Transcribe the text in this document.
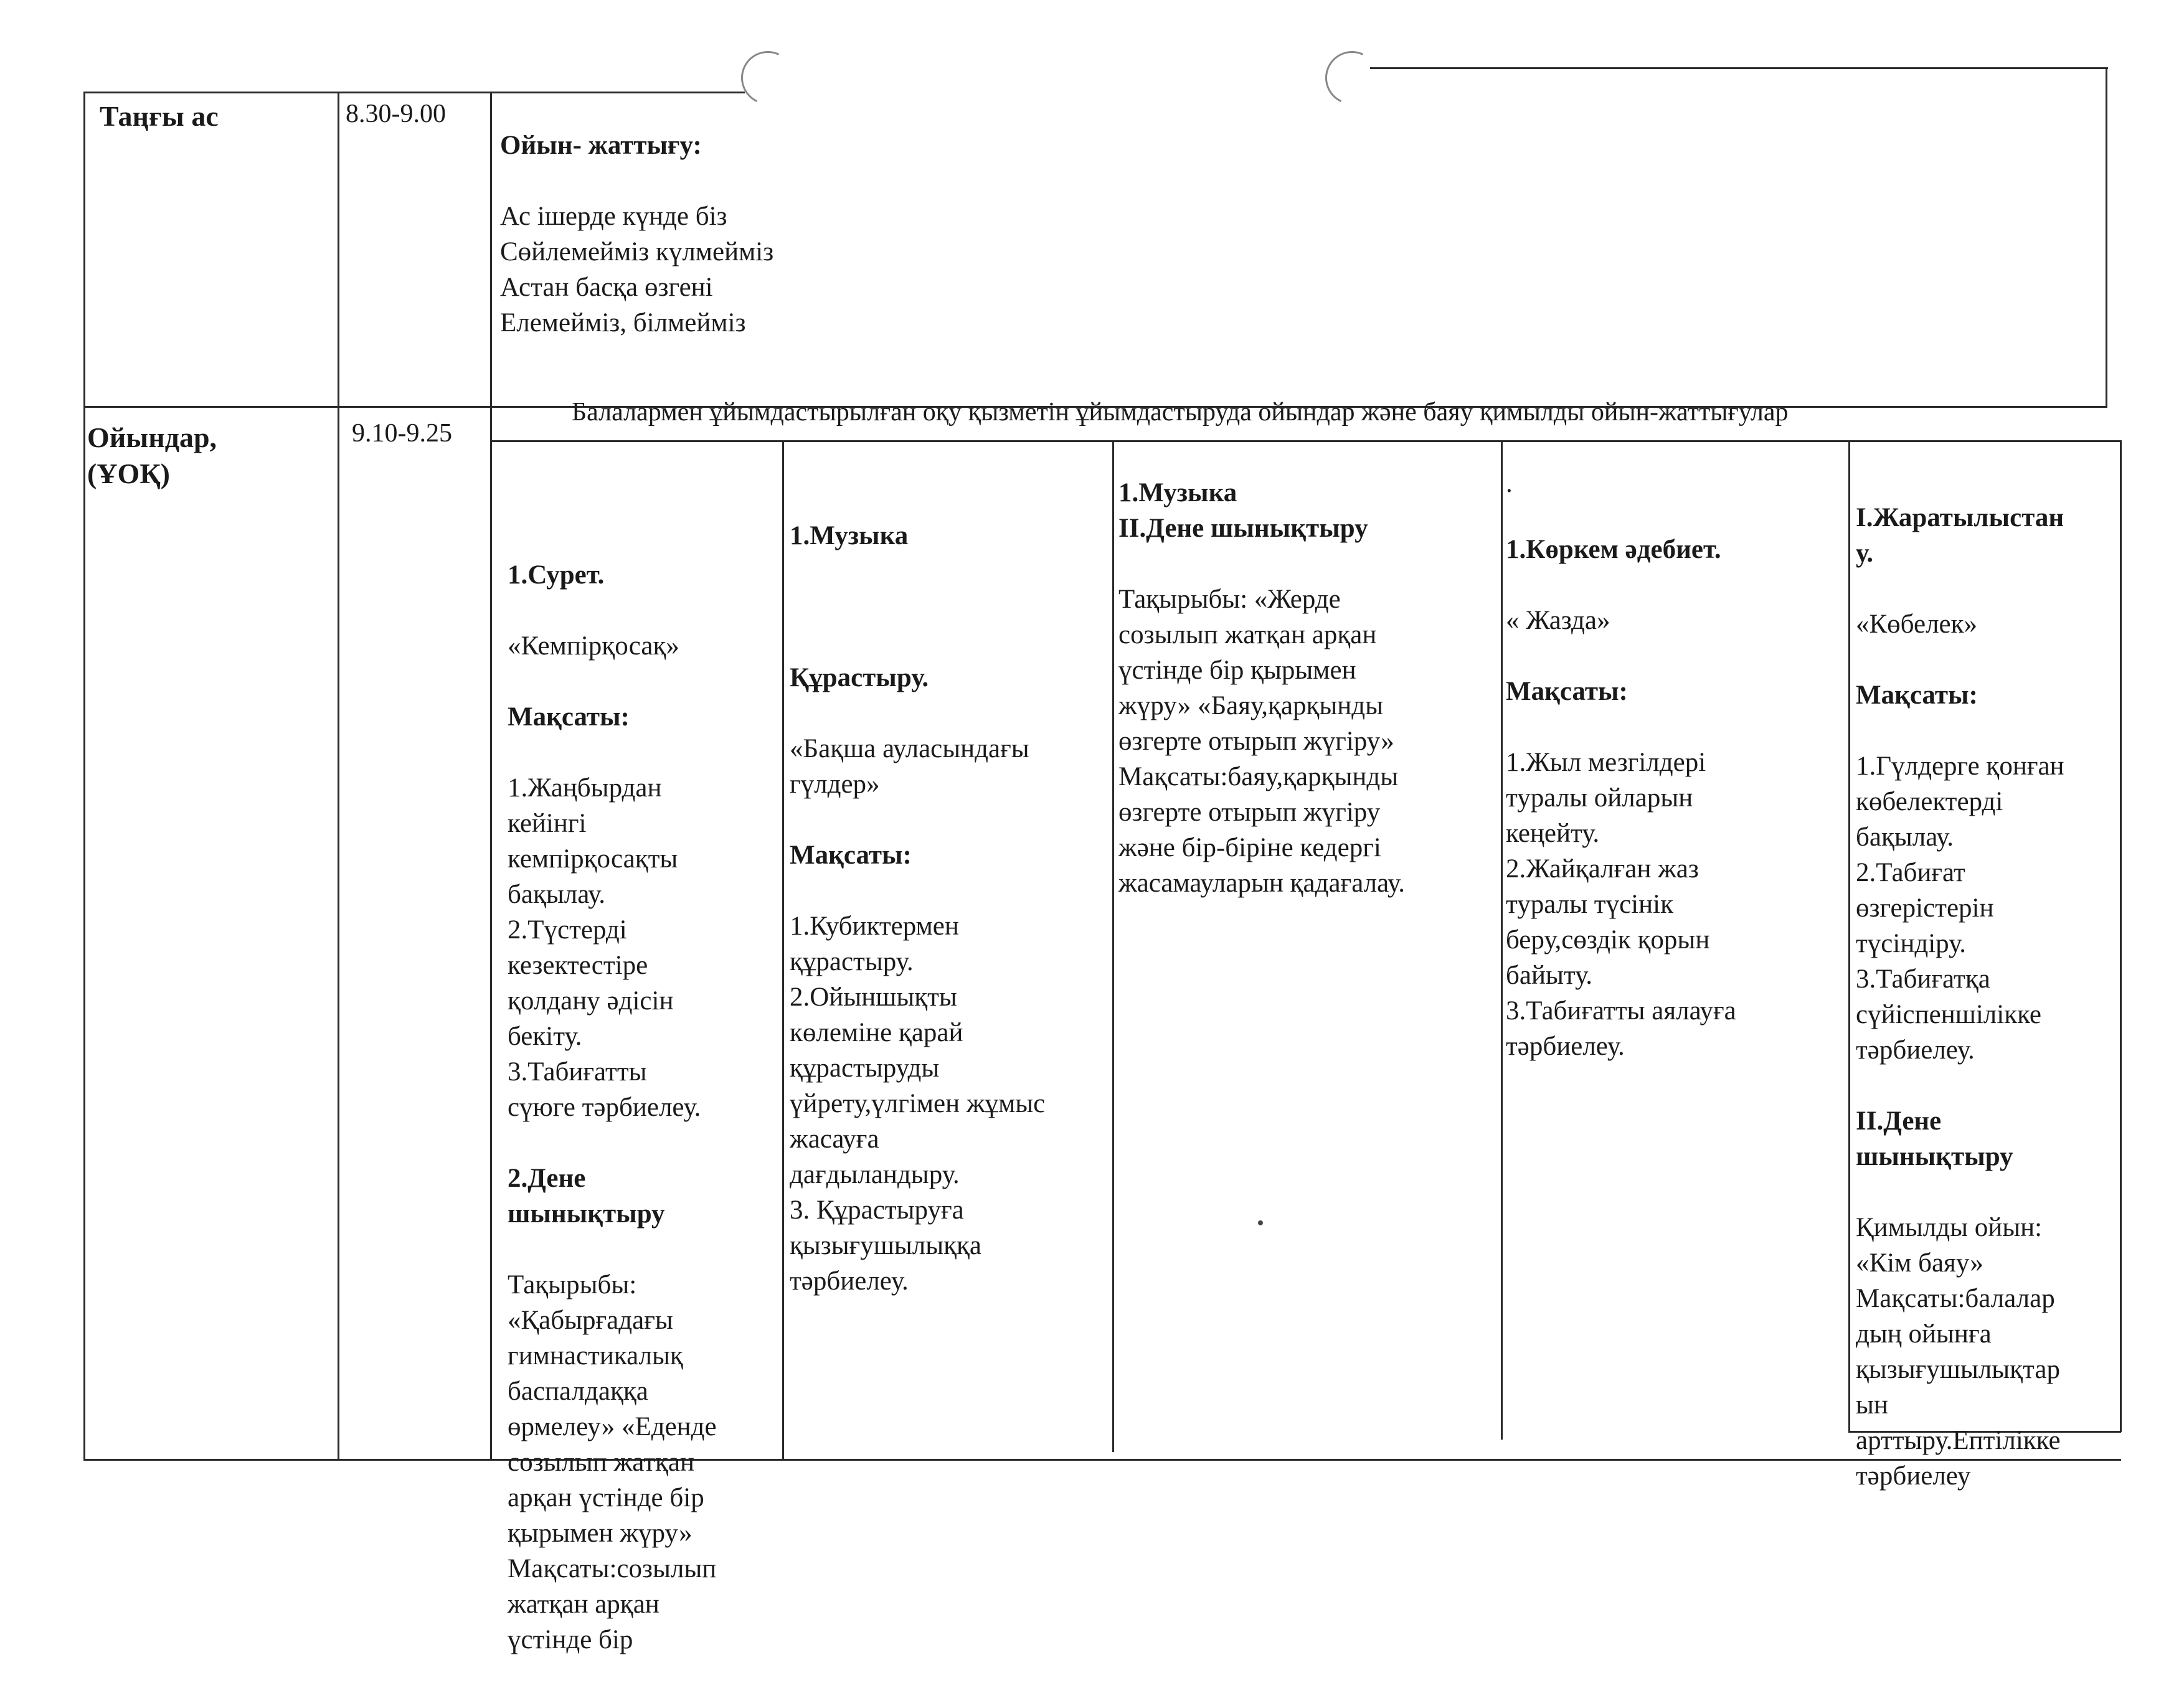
Таңғы ас	8.30-9.00

Ойын- жаттығу:

Ас ішерде күнде біз
Сөйлемейміз күлмейміз
Астан басқа өзгені
Елемейміз, білмейміз

Ойындар,
(ҰОҚ)
9.10-9.25
Балалармен ұйымдастырылған оқу қызметін ұйымдастыруда ойындар және баяу қимылды ойын-жаттығулар

1.Сурет.

«Кемпірқосақ»

Мақсаты:

1.Жаңбырдан
кейінгі
кемпірқосақты
бақылау.
2.Түстерді
кезектестіре
қолдану әдісін
бекіту.
3.Табиғатты
сүюге тәрбиелеу.

2.Дене
шынықтыру

Тақырыбы:
«Қабырғадағы
гимнастикалық
баспалдаққа
өрмелеу» «Еденде
созылып жатқан
арқан үстінде бір
қырымен жүру»
Мақсаты:созылып
жатқан арқан
үстінде бір

1.Музыка

Құрастыру.

«Бақша ауласындағы
гүлдер»

Мақсаты:

1.Кубиктермен
құрастыру.
2.Ойыншықты
көлеміне қарай
құрастыруды
үйрету,үлгімен жұмыс
жасауға
дағдыландыру.
3. Құрастыруға
қызығушылыққа
тәрбиелеу.

1.Музыка
ІІ.Дене шынықтыру

Тақырыбы: «Жерде
созылып жатқан арқан
үстінде бір қырымен
жүру» «Баяу,қарқынды
өзгерте отырып жүгіру»
Мақсаты:баяу,қарқынды
өзгерте отырып жүгіру
және бір-біріне кедергі
жасамауларын қадағалау.

.

1.Көркем әдебиет.

« Жазда»

Мақсаты:

1.Жыл мезгілдері
туралы ойларын
кеңейту.
2.Жайқалған жаз
туралы түсінік
беру,сөздік қорын
байыту.
3.Табиғатты аялауға
тәрбиелеу.

І.Жаратылыстан
у.

«Көбелек»

Мақсаты:

1.Гүлдерге қонған
көбелектерді
бақылау.
2.Табиғат
өзгерістерін
түсіндіру.
3.Табиғатқа
сүйіспеншілікке
тәрбиелеу.

ІІ.Дене
шынықтыру

Қимылды ойын:
«Кім баяу»
Мақсаты:балалар
дың ойынға
қызығушылықтар
ын
арттыру.Ептілікке
тәрбиелеу
